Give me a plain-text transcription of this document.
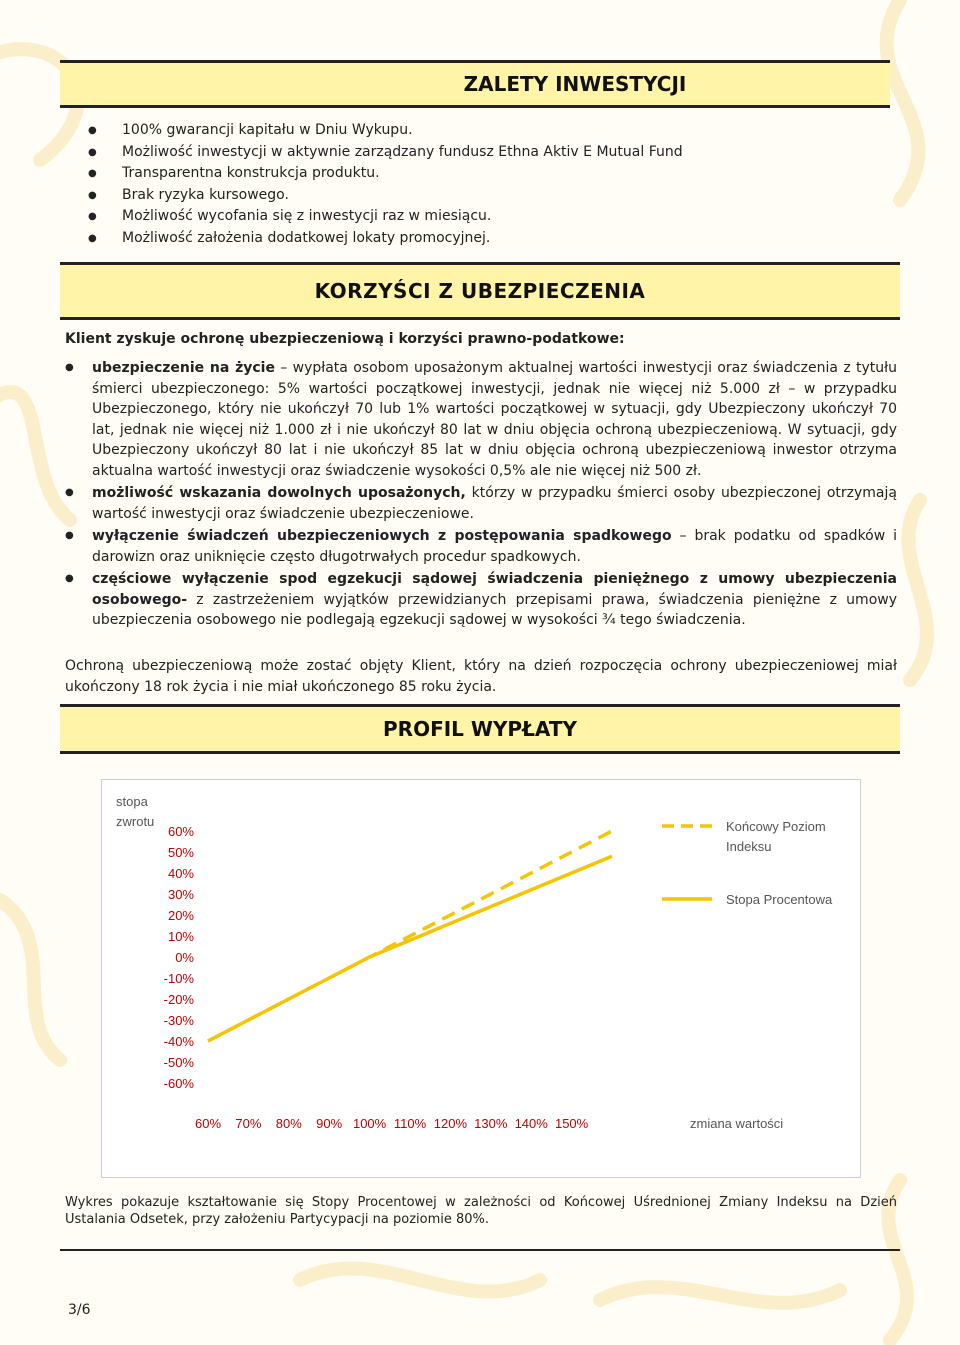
ZALETY INWESTYCJI
● 100% gwarancji kapitału w Dniu Wykupu.
● Możliwość inwestycji w aktywnie zarządzany fundusz Ethna Aktiv E Mutual Fund
● Transparentna konstrukcja produktu.
● Brak ryzyka kursowego.
● Możliwość wycofania się z inwestycji raz w miesiącu.
● Możliwość założenia dodatkowej lokaty promocyjnej.
KORZYŚCI Z UBEZPIECZENIA
Klient zyskuje ochronę ubezpieczeniową i korzyści prawno-podatkowe:
● ubezpieczenie na życie – wypłata osobom uposażonym aktualnej wartości inwestycji oraz świadczenia z tytułu śmierci ubezpieczonego: 5% wartości początkowej inwestycji, jednak nie więcej niż 5.000 zł – w przypadku Ubezpieczonego, który nie ukończył 70 lub 1% wartości początkowej w sytuacji, gdy Ubezpieczony ukończył 70 lat, jednak nie więcej niż 1.000 zł i nie ukończył 80 lat w dniu objęcia ochroną ubezpieczeniową. W sytuacji, gdy Ubezpieczony ukończył 80 lat i nie ukończył 85 lat w dniu objęcia ochroną ubezpieczeniową inwestor otrzyma aktualna wartość inwestycji oraz świadczenie wysokości 0,5% ale nie więcej niż 500 zł.
● możliwość wskazania dowolnych uposażonych, którzy w przypadku śmierci osoby ubezpieczonej otrzymają wartość inwestycji oraz świadczenie ubezpieczeniowe.
● wyłączenie świadczeń ubezpieczeniowych z postępowania spadkowego – brak podatku od spadków i darowizn oraz uniknięcie często długotrwałych procedur spadkowych.
● częściowe wyłączenie spod egzekucji sądowej świadczenia pieniężnego z umowy ubezpieczenia osobowego- z zastrzeżeniem wyjątków przewidzianych przepisami prawa, świadczenia pieniężne z umowy ubezpieczenia osobowego nie podlegają egzekucji sądowej w wysokości ¾ tego świadczenia.
Ochroną ubezpieczeniową może zostać objęty Klient, który na dzień rozpoczęcia ochrony ubezpieczeniowej miał ukończony 18 rok życia i nie miał ukończonego 85 roku życia.
PROFIL WYPŁATY
stopa
zwrotu
60%
50%
40%
30%
20%
10%
0%
-10%
-20%
-30%
-40%
-50%
-60%
60% 70% 80% 90% 100% 110% 120% 130% 140% 150%	zmiana wartości
Końcowy Poziom
Indeksu
Stopa Procentowa
Wykres pokazuje kształtowanie się Stopy Procentowej w zależności od Końcowej Uśrednionej Zmiany Indeksu na Dzień Ustalania Odsetek, przy założeniu Partycypacji na poziomie 80%.
3/6
